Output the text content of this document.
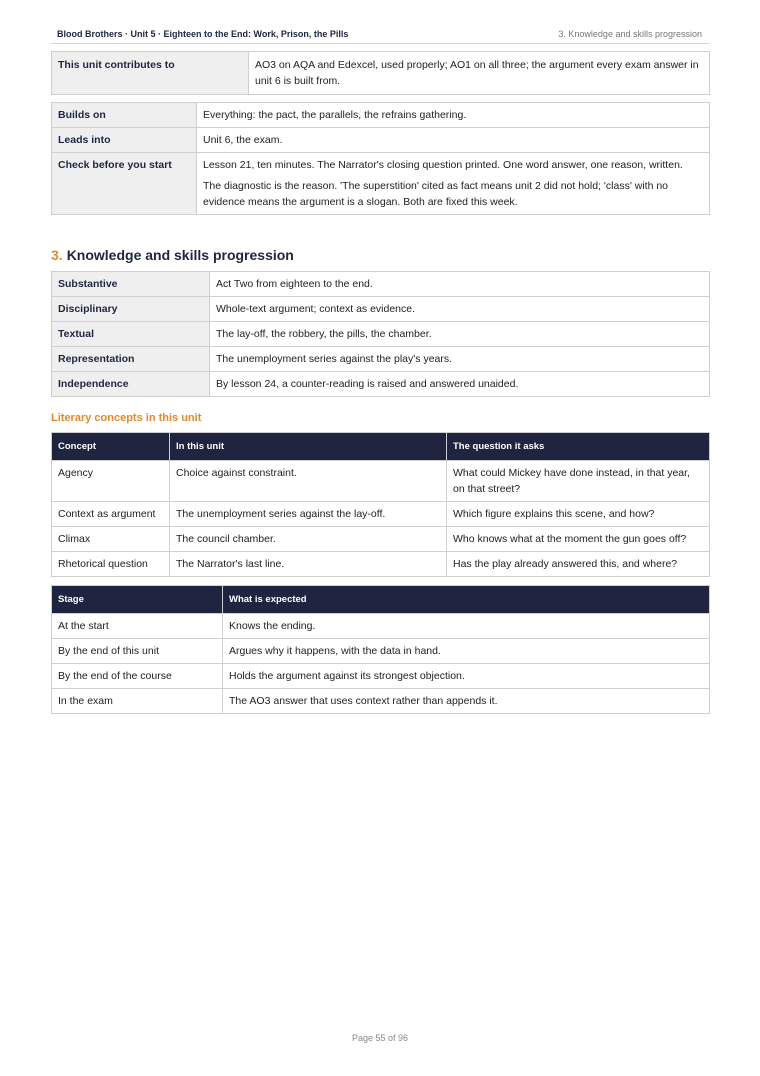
Blood Brothers · Unit 5 · Eighteen to the End: Work, Prison, the Pills	3. Knowledge and skills progression
This unit contributes to	AO3 on AQA and Edexcel, used properly; AO1 on all three; the argument every exam answer in unit 6 is built from.
Builds on	Everything: the pact, the parallels, the refrains gathering.

Leads into	Unit 6, the exam.

Check before you start	Lesson 21, ten minutes. The Narrator's closing question printed. One word answer, one reason, written.

The diagnostic is the reason. 'The superstition' cited as fact means unit 2 did not hold; 'class' with no evidence means the argument is a slogan. Both are fixed this week.

3. Knowledge and skills progression
Substantive	Act Two from eighteen to the end.
Disciplinary	Whole-text argument; context as evidence.
Textual	The lay-off, the robbery, the pills, the chamber.
Representation	The unemployment series against the play's years.
Independence	By lesson 24, a counter-reading is raised and answered unaided.
Literary concepts in this unit
Concept	In this unit	The question it asks
Agency	Choice against constraint.	What could Mickey have done instead, in that year, on that street?
Context as argument	The unemployment series against the lay-off.	Which figure explains this scene, and how?
Climax	The council chamber.	Who knows what at the moment the gun goes off?
Rhetorical question	The Narrator's last line.	Has the play already answered this, and where?
Stage	What is expected
At the start	Knows the ending.
By the end of this unit	Argues why it happens, with the data in hand.
By the end of the course	Holds the argument against its strongest objection.
In the exam	The AO3 answer that uses context rather than appends it.
Page 55 of 96
